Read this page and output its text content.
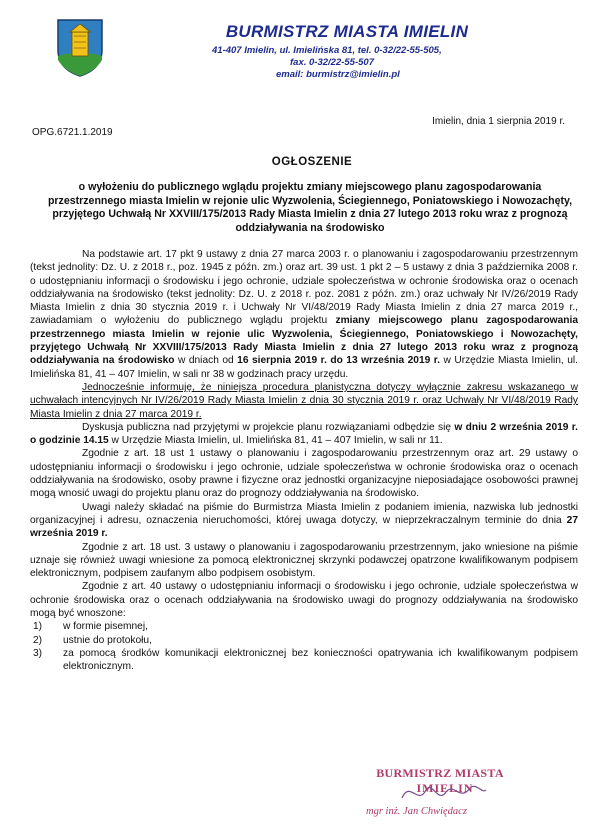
BURMISTRZ MIASTA IMIELIN
41-407 Imielin, ul. Imielińska 81, tel. 0-32/22-55-505,
fax. 0-32/22-55-507
email: burmistrz@imielin.pl
Imielin, dnia 1 sierpnia 2019 r.
OPG.6721.1.2019
OGŁOSZENIE
o wyłożeniu do publicznego wglądu projektu zmiany miejscowego planu zagospodarowania przestrzennego miasta Imielin w rejonie ulic Wyzwolenia, Ściegiennego, Poniatowskiego i Nowozachęty, przyjętego Uchwałą Nr XXVIII/175/2013 Rady Miasta Imielin z dnia 27 lutego 2013 roku wraz z prognozą oddziaływania na środowisko

Na podstawie art. 17 pkt 9 ustawy z dnia 27 marca 2003 r. o planowaniu i zagospodarowaniu przestrzennym (tekst jednolity: Dz. U. z 2018 r., poz. 1945 z późn. zm.) oraz art. 39 ust. 1 pkt 2 – 5 ustawy z dnia 3 października 2008 r. o udostępnianiu informacji o środowisku i jego ochronie, udziale społeczeństwa w ochronie środowiska oraz o ocenach oddziaływania na środowisko (tekst jednolity: Dz. U. z 2018 r. poz. 2081 z późn. zm.) oraz uchwały Nr IV/26/2019 Rady Miasta Imielin z dnia 30 stycznia 2019 r. i Uchwały Nr VI/48/2019 Rady Miasta Imielin z dnia 27 marca 2019 r., zawiadamiam o wyłożeniu do publicznego wglądu projektu zmiany miejscowego planu zagospodarowania przestrzennego miasta Imielin w rejonie ulic Wyzwolenia, Ściegiennego, Poniatowskiego i Nowozachęty, przyjętego Uchwałą Nr XXVIII/175/2013 Rady Miasta Imielin z dnia 27 lutego 2013 roku wraz z prognozą oddziaływania na środowisko w dniach od 16 sierpnia 2019 r. do 13 września 2019 r. w Urzędzie Miasta Imielin, ul. Imielińska 81, 41 – 407 Imielin, w sali nr 38 w godzinach pracy urzędu.

Jednocześnie informuję, że niniejsza procedura planistyczna dotyczy wyłącznie zakresu wskazanego w uchwałach intencyjnych Nr IV/26/2019 Rady Miasta Imielin z dnia 30 stycznia 2019 r. oraz Uchwały Nr VI/48/2019 Rady Miasta Imielin z dnia 27 marca 2019 r.

Dyskusja publiczna nad przyjętymi w projekcie planu rozwiązaniami odbędzie się w dniu 2 września 2019 r. o godzinie 14.15 w Urzędzie Miasta Imielin, ul. Imielińska 81, 41 – 407 Imielin, w sali nr 11.

Zgodnie z art. 18 ust 1 ustawy o planowaniu i zagospodarowaniu przestrzennym oraz art. 29 ustawy o udostępnianiu informacji o środowisku i jego ochronie, udziale społeczeństwa w ochronie środowiska oraz o ocenach oddziaływania na środowisko, osoby prawne i fizyczne oraz jednostki organizacyjne nieposiadające osobowości prawnej mogą wnosić uwagi do projektu planu oraz do prognozy oddziaływania na środowisko.

Uwagi należy składać na piśmie do Burmistrza Miasta Imielin z podaniem imienia, nazwiska lub jednostki organizacyjnej i adresu, oznaczenia nieruchomości, której uwaga dotyczy, w nieprzekraczalnym terminie do dnia 27 września 2019 r.

Zgodnie z art. 18 ust. 3 ustawy o planowaniu i zagospodarowaniu przestrzennym, jako wniesione na piśmie uznaje się również uwagi wniesione za pomocą elektronicznej skrzynki podawczej opatrzone kwalifikowanym podpisem elektronicznym, podpisem zaufanym albo podpisem osobistym.

Zgodnie z art. 40 ustawy o udostępnianiu informacji o środowisku i jego ochronie, udziale społeczeństwa w ochronie środowiska oraz o ocenach oddziaływania na środowisko uwagi do prognozy oddziaływania na środowisko mogą być wnoszone:

1)	w formie pisemnej,
2)	ustnie do protokołu,
3)	za pomocą środków komunikacji elektronicznej bez konieczności opatrywania ich kwalifikowanym podpisem elektronicznym.
BURMISTRZ MIASTA
IMIELIN
mgr inż. Jan Chwiędacz
